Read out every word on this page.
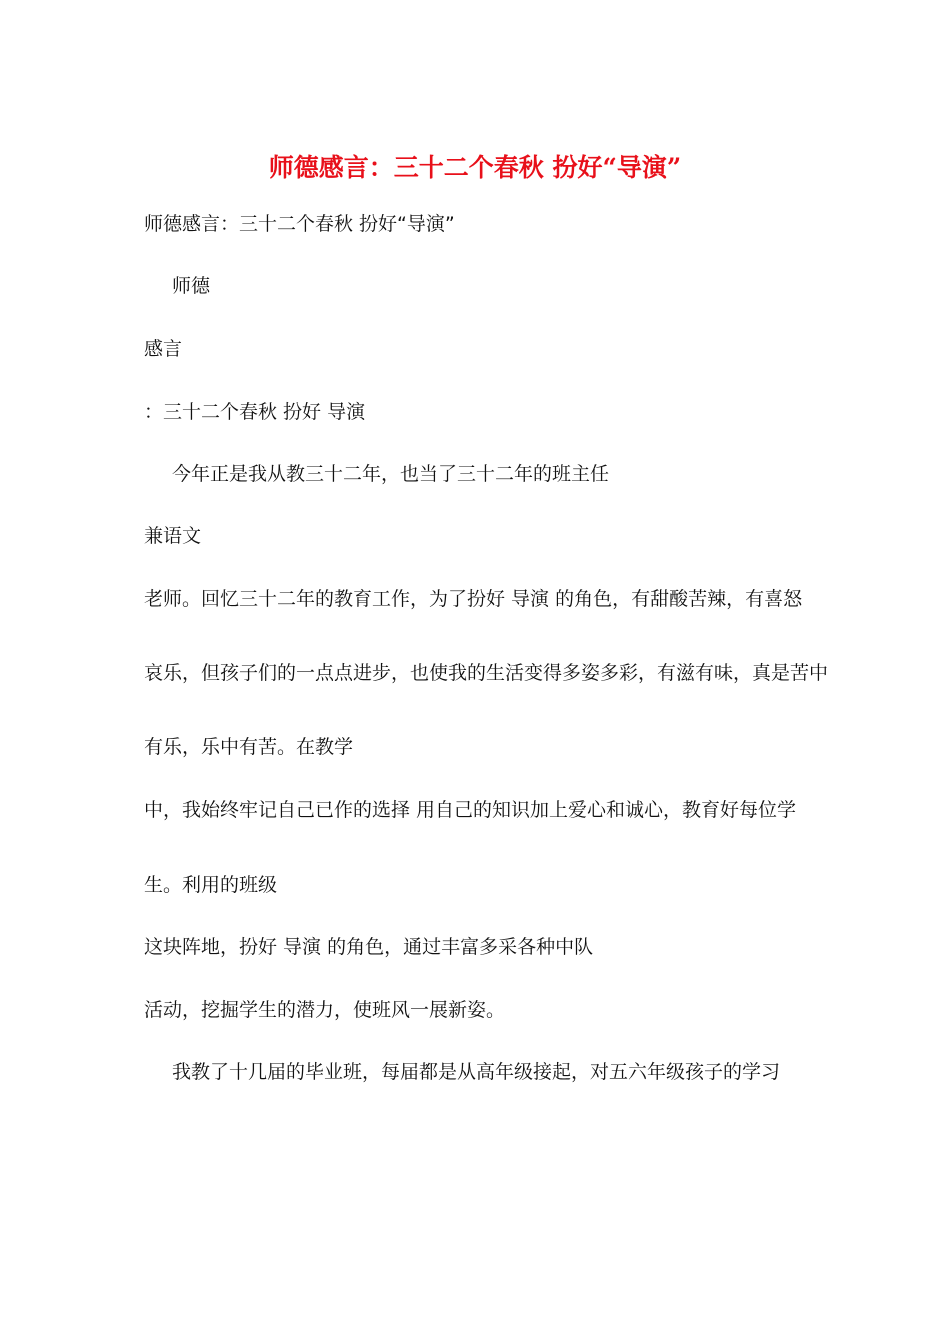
师德感言：三十二个春秋 扮好“导演”
师德感言：三十二个春秋 扮好“导演”
师德
感言
：三十二个春秋 扮好 导演
今年正是我从教三十二年，也当了三十二年的班主任
兼语文
老师。回忆三十二年的教育工作，为了扮好 导演 的角色，有甜酸苦辣，有喜怒
哀乐，但孩子们的一点点进步，也使我的生活变得多姿多彩，有滋有味，真是苦中
有乐，乐中有苦。在教学
中，我始终牢记自己已作的选择 用自己的知识加上爱心和诚心，教育好每位学
生。利用的班级
这块阵地，扮好 导演 的角色，通过丰富多采各种中队
活动，挖掘学生的潜力，使班风一展新姿。
我教了十几届的毕业班，每届都是从高年级接起，对五六年级孩子的学习
